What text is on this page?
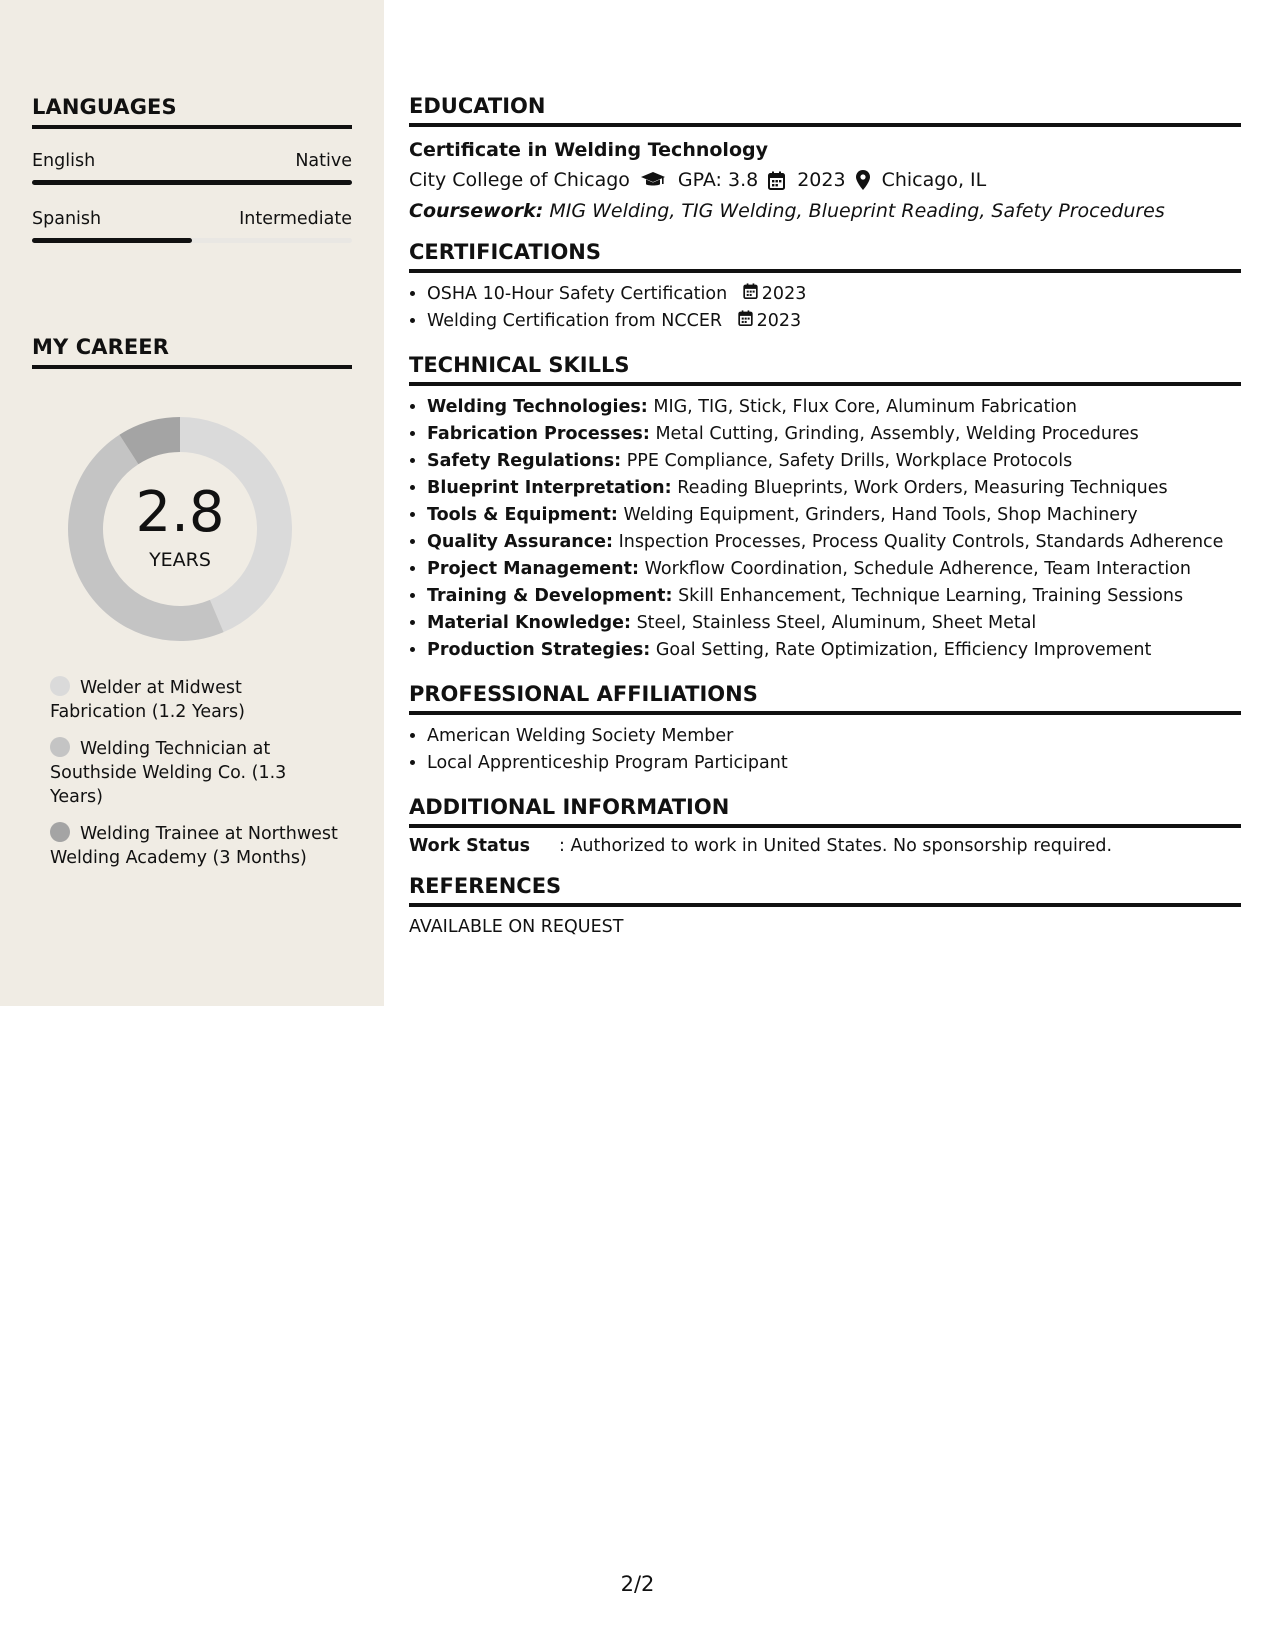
LANGUAGES
English	Native
Spanish	Intermediate
MY CAREER
2.8
YEARS
Welder at Midwest Fabrication (1.2 Years)
Welding Technician at Southside Welding Co. (1.3 Years)
Welding Trainee at Northwest Welding Academy (3 Months)
EDUCATION
Certificate in Welding Technology
City College of Chicago	GPA: 3.8 2023 Chicago, IL
Coursework: MIG Welding, TIG Welding, Blueprint Reading, Safety Procedures
CERTIFICATIONS
• OSHA 10-Hour Safety Certification 2023
• Welding Certification from NCCER 2023
TECHNICAL SKILLS
• Welding Technologies: MIG, TIG, Stick, Flux Core, Aluminum Fabrication
• Fabrication Processes: Metal Cutting, Grinding, Assembly, Welding Procedures
• Safety Regulations: PPE Compliance, Safety Drills, Workplace Protocols
• Blueprint Interpretation: Reading Blueprints, Work Orders, Measuring Techniques
• Tools & Equipment: Welding Equipment, Grinders, Hand Tools, Shop Machinery
• Quality Assurance: Inspection Processes, Process Quality Controls, Standards Adherence
• Project Management: Workflow Coordination, Schedule Adherence, Team Interaction
• Training & Development: Skill Enhancement, Technique Learning, Training Sessions
• Material Knowledge: Steel, Stainless Steel, Aluminum, Sheet Metal
• Production Strategies: Goal Setting, Rate Optimization, Efficiency Improvement
PROFESSIONAL AFFILIATIONS
• American Welding Society Member
• Local Apprenticeship Program Participant
ADDITIONAL INFORMATION
Work Status	: Authorized to work in United States. No sponsorship required.
REFERENCES
AVAILABLE ON REQUEST
2/2
